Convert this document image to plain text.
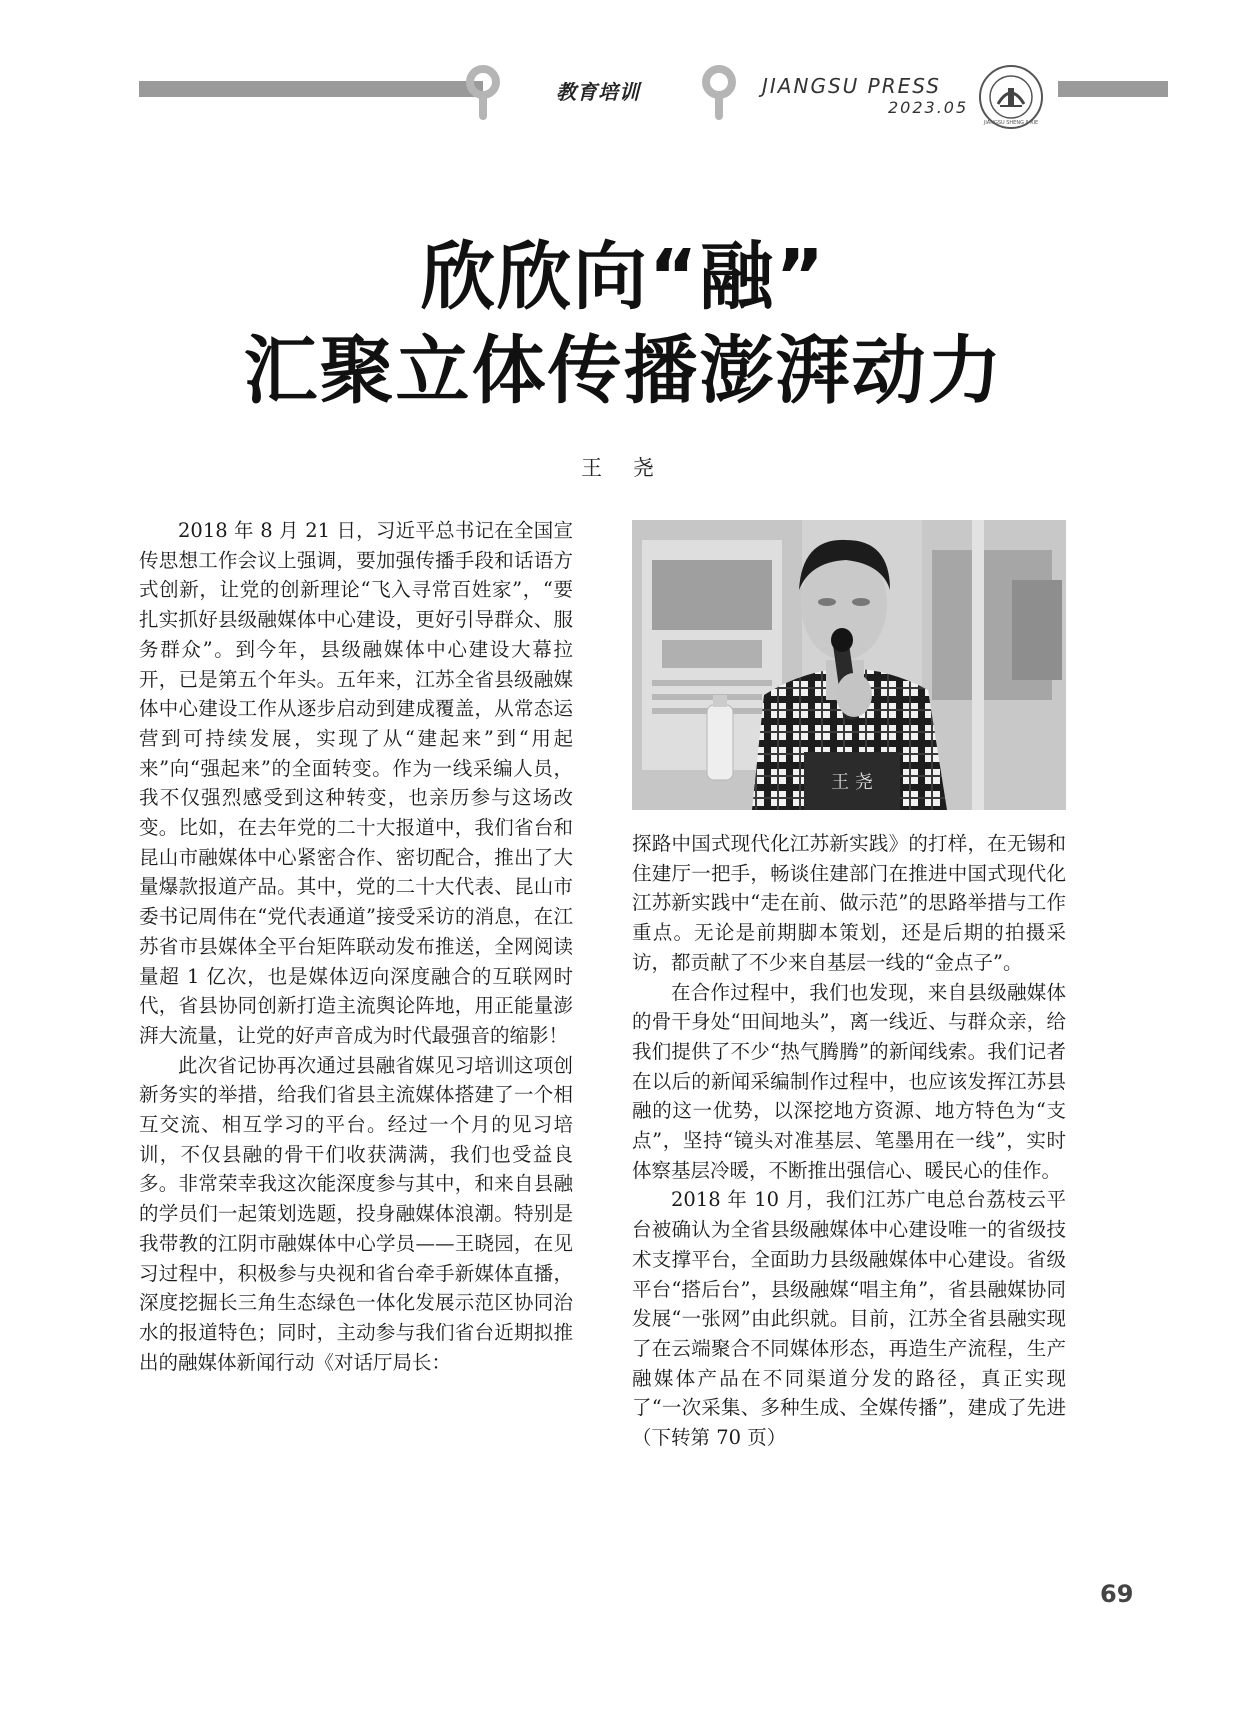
教育培训	JIANGSU PRESS
2023.05
JIANGSU SHENG JI XIE
欣欣向“融”
汇聚立体传播澎湃动力
王 尧

2018 年 8 月 21 日，习近平总书记在全国宣传思想工作会议上强调，要加强传播手段和话语方式创新，让党的创新理论“飞入寻常百姓家”，“要扎实抓好县级融媒体中心建设，更好引导群众、服务群众”。到今年，县级融媒体中心建设大幕拉开，已是第五个年头。五年来，江苏全省县级融媒体中心建设工作从逐步启动到建成覆盖，从常态运营到可持续发展，实现了从“建起来”到“用起来”向“强起来”的全面转变。作为一线采编人员，我不仅强烈感受到这种转变，也亲历参与这场改变。比如，在去年党的二十大报道中，我们省台和昆山市融媒体中心紧密合作、密切配合，推出了大量爆款报道产品。其中，党的二十大代表、昆山市委书记周伟在“党代表通道”接受采访的消息，在江苏省市县媒体全平台矩阵联动发布推送，全网阅读量超 1 亿次，也是媒体迈向深度融合的互联网时代，省县协同创新打造主流舆论阵地，用正能量澎湃大流量，让党的好声音成为时代最强音的缩影！

此次省记协再次通过县融省媒见习培训这项创新务实的举措，给我们省县主流媒体搭建了一个相互交流、相互学习的平台。经过一个月的见习培训，不仅县融的骨干们收获满满，我们也受益良多。非常荣幸我这次能深度参与其中，和来自县融的学员们一起策划选题，投身融媒体浪潮。特别是我带教的江阴市融媒体中心学员——王晓园，在见习过程中，积极参与央视和省台牵手新媒体直播，深度挖掘长三角生态绿色一体化发展示范区协同治水的报道特色；同时，主动参与我们省台近期拟推出的融媒体新闻行动《对话厅局长：

王 尧

探路中国式现代化江苏新实践》的打样，在无锡和住建厅一把手，畅谈住建部门在推进中国式现代化江苏新实践中“走在前、做示范”的思路举措与工作重点。无论是前期脚本策划，还是后期的拍摄采访，都贡献了不少来自基层一线的“金点子”。

在合作过程中，我们也发现，来自县级融媒体的骨干身处“田间地头”，离一线近、与群众亲，给我们提供了不少“热气腾腾”的新闻线索。我们记者在以后的新闻采编制作过程中，也应该发挥江苏县融的这一优势，以深挖地方资源、地方特色为“支点”，坚持“镜头对准基层、笔墨用在一线”，实时体察基层冷暖，不断推出强信心、暖民心的佳作。

2018 年 10 月，我们江苏广电总台荔枝云平台被确认为全省县级融媒体中心建设唯一的省级技术支撑平台，全面助力县级融媒体中心建设。省级平台“搭后台”，县级融媒“唱主角”，省县融媒协同发展“一张网”由此织就。目前，江苏全省县融实现了在云端聚合不同媒体形态，再造生产流程，生产融媒体产品在不同渠道分发的路径，真正实现了“一次采集、多种生成、全媒传播”，建成了先进（下转第 70 页）

69
